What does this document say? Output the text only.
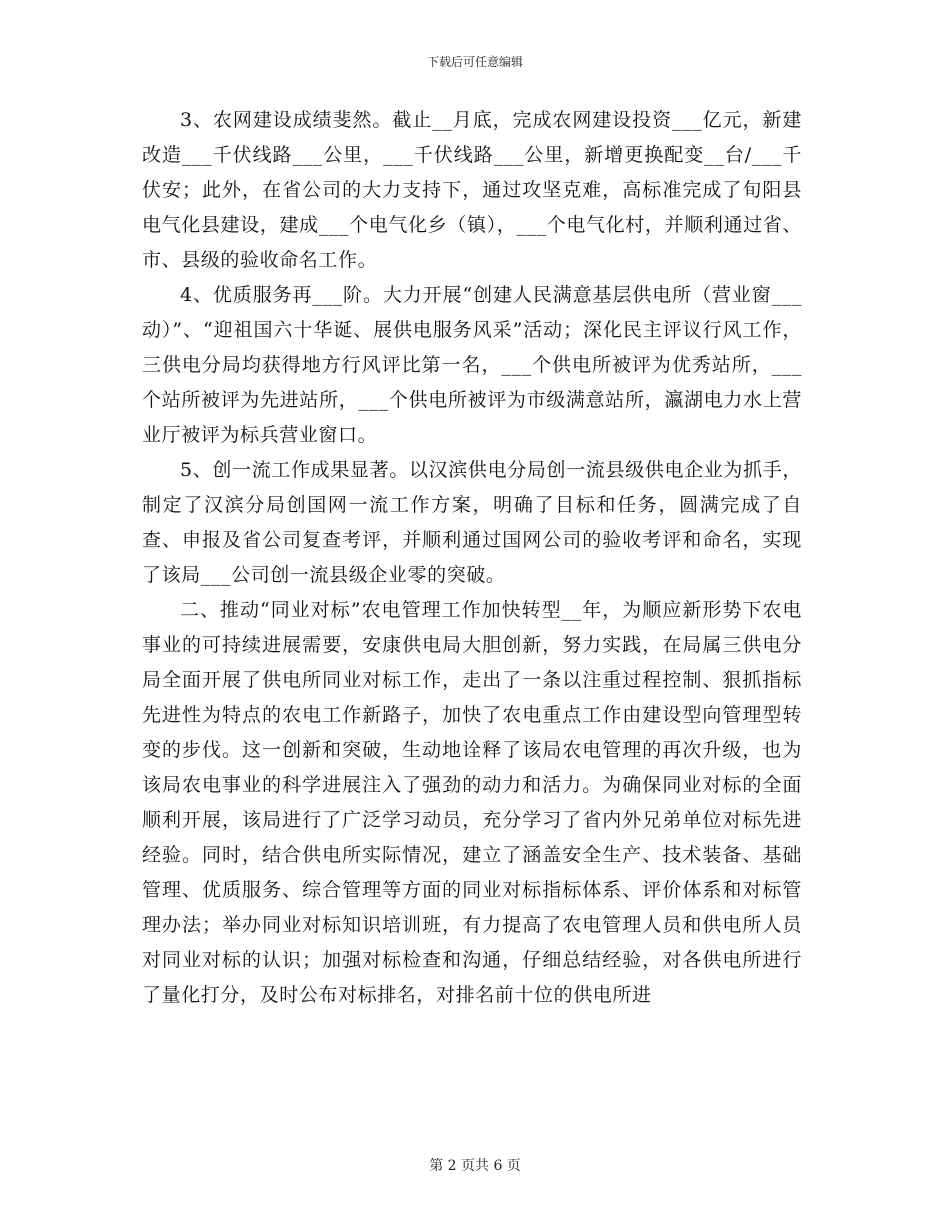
下载后可任意编辑

3、农网建设成绩斐然。截止__月底，完成农网建设投资___亿元，新建改造___千伏线路___公里，___千伏线路___公里，新增更换配变__台/___千伏安；此外，在省公司的大力支持下，通过攻坚克难，高标准完成了旬阳县电气化县建设，建成___个电气化乡（镇），___个电气化村，并顺利通过省、市、县级的验收命名工作。

4、优质服务再___阶。大力开展“创建人民满意基层供电所（营业窗___动）”、“迎祖国六十华诞、展供电服务风采”活动；深化民主评议行风工作，三供电分局均获得地方行风评比第一名，___个供电所被评为优秀站所，___个站所被评为先进站所，___个供电所被评为市级满意站所，瀛湖电力水上营业厅被评为标兵营业窗口。

5、创一流工作成果显著。以汉滨供电分局创一流县级供电企业为抓手，制定了汉滨分局创国网一流工作方案，明确了目标和任务，圆满完成了自查、申报及省公司复查考评，并顺利通过国网公司的验收考评和命名，实现了该局___公司创一流县级企业零的突破。

二、推动“同业对标”农电管理工作加快转型__年，为顺应新形势下农电事业的可持续进展需要，安康供电局大胆创新，努力实践，在局属三供电分局全面开展了供电所同业对标工作，走出了一条以注重过程控制、狠抓指标先进性为特点的农电工作新路子，加快了农电重点工作由建设型向管理型转变的步伐。这一创新和突破，生动地诠释了该局农电管理的再次升级，也为该局农电事业的科学进展注入了强劲的动力和活力。为确保同业对标的全面顺利开展，该局进行了广泛学习动员，充分学习了省内外兄弟单位对标先进经验。同时，结合供电所实际情况，建立了涵盖安全生产、技术装备、基础管理、优质服务、综合管理等方面的同业对标指标体系、评价体系和对标管理办法；举办同业对标知识培训班，有力提高了农电管理人员和供电所人员对同业对标的认识；加强对标检查和沟通，仔细总结经验，对各供电所进行了量化打分，及时公布对标排名，对排名前十位的供电所进

第 2 页共 6 页
